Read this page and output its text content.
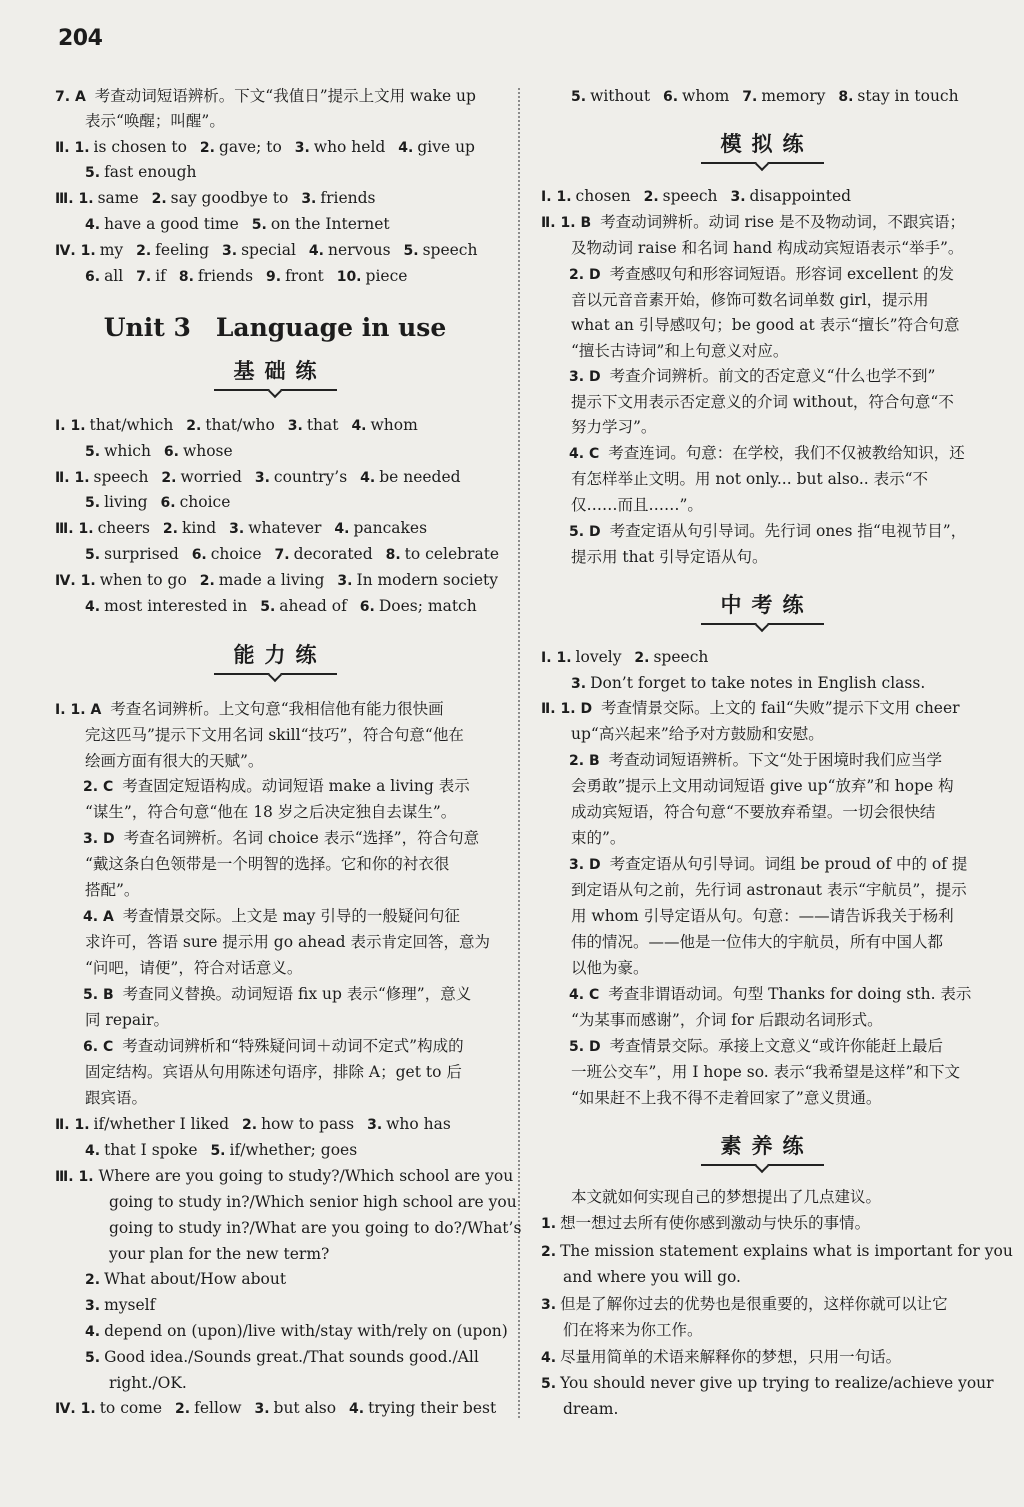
204
7. A 考查动词短语辨析。下文“我值日”提示上文用 wake up
表示“唤醒；叫醒”。
Ⅱ. 1. is chosen to 2. gave; to 3. who held 4. give up
5. fast enough
Ⅲ. 1. same 2. say goodbye to 3. friends
4. have a good time 5. on the Internet
Ⅳ. 1. my 2. feeling 3. special 4. nervous 5. speech
6. all 7. if 8. friends 9. front 10. piece
Unit 3　Language in use
基础练
Ⅰ. 1. that/which 2. that/who 3. that 4. whom
5. which 6. whose
Ⅱ. 1. speech 2. worried 3. country’s 4. be needed
5. living 6. choice
Ⅲ. 1. cheers 2. kind 3. whatever 4. pancakes
5. surprised 6. choice 7. decorated 8. to celebrate
Ⅳ. 1. when to go 2. made a living 3. In modern society
4. most interested in 5. ahead of 6. Does; match
能力练
Ⅰ. 1. A 考查名词辨析。上文句意“我相信他有能力很快画
完这匹马”提示下文用名词 skill“技巧”，符合句意“他在
绘画方面有很大的天赋”。
2. C 考查固定短语构成。动词短语 make a living 表示
“谋生”，符合句意“他在 18 岁之后决定独自去谋生”。
3. D 考查名词辨析。名词 choice 表示“选择”，符合句意
“戴这条白色领带是一个明智的选择。它和你的衬衣很
搭配”。
4. A 考查情景交际。上文是 may 引导的一般疑问句征
求许可，答语 sure 提示用 go ahead 表示肯定回答，意为
“问吧，请便”，符合对话意义。
5. B 考查同义替换。动词短语 fix up 表示“修理”，意义
同 repair。
6. C 考查动词辨析和“特殊疑问词＋动词不定式”构成的
固定结构。宾语从句用陈述句语序，排除 A；get to 后
跟宾语。
Ⅱ. 1. if/whether I liked 2. how to pass 3. who has
4. that I spoke 5. if/whether; goes
Ⅲ. 1. Where are you going to study?/Which school are you
going to study in?/Which senior high school are you
going to study in?/What are you going to do?/What’s
your plan for the new term?
2. What about/How about
3. myself
4. depend on (upon)/live with/stay with/rely on (upon)
5. Good idea./Sounds great./That sounds good./All
right./OK.
Ⅳ. 1. to come 2. fellow 3. but also 4. trying their best
5. without 6. whom 7. memory 8. stay in touch
模拟练
Ⅰ. 1. chosen 2. speech 3. disappointed
Ⅱ. 1. B 考查动词辨析。动词 rise 是不及物动词，不跟宾语；
及物动词 raise 和名词 hand 构成动宾短语表示“举手”。
2. D 考查感叹句和形容词短语。形容词 excellent 的发
音以元音音素开始，修饰可数名词单数 girl，提示用
what an 引导感叹句；be good at 表示“擅长”符合句意
“擅长古诗词”和上句意义对应。
3. D 考查介词辨析。前文的否定意义“什么也学不到”
提示下文用表示否定意义的介词 without，符合句意“不
努力学习”。
4. C 考查连词。句意：在学校，我们不仅被教给知识，还
有怎样举止文明。用 not only... but also.. 表示“不
仅……而且……”。
5. D 考查定语从句引导词。先行词 ones 指“电视节目”，
提示用 that 引导定语从句。
中考练
Ⅰ. 1. lovely 2. speech
3. Don’t forget to take notes in English class.
Ⅱ. 1. D 考查情景交际。上文的 fail“失败”提示下文用 cheer
up“高兴起来”给予对方鼓励和安慰。
2. B 考查动词短语辨析。下文“处于困境时我们应当学
会勇敢”提示上文用动词短语 give up“放弃”和 hope 构
成动宾短语，符合句意“不要放弃希望。一切会很快结
束的”。
3. D 考查定语从句引导词。词组 be proud of 中的 of 提
到定语从句之前，先行词 astronaut 表示“宇航员”，提示
用 whom 引导定语从句。句意：——请告诉我关于杨利
伟的情况。——他是一位伟大的宇航员，所有中国人都
以他为豪。
4. C 考查非谓语动词。句型 Thanks for doing sth. 表示
“为某事而感谢”，介词 for 后跟动名词形式。
5. D 考查情景交际。承接上文意义“或许你能赶上最后
一班公交车”，用 I hope so. 表示“我希望是这样”和下文
“如果赶不上我不得不走着回家了”意义贯通。
素养练
本文就如何实现自己的梦想提出了几点建议。
1. 想一想过去所有使你感到激动与快乐的事情。
2. The mission statement explains what is important for you
and where you will go.
3. 但是了解你过去的优势也是很重要的，这样你就可以让它
们在将来为你工作。
4. 尽量用简单的术语来解释你的梦想，只用一句话。
5. You should never give up trying to realize/achieve your
dream.
